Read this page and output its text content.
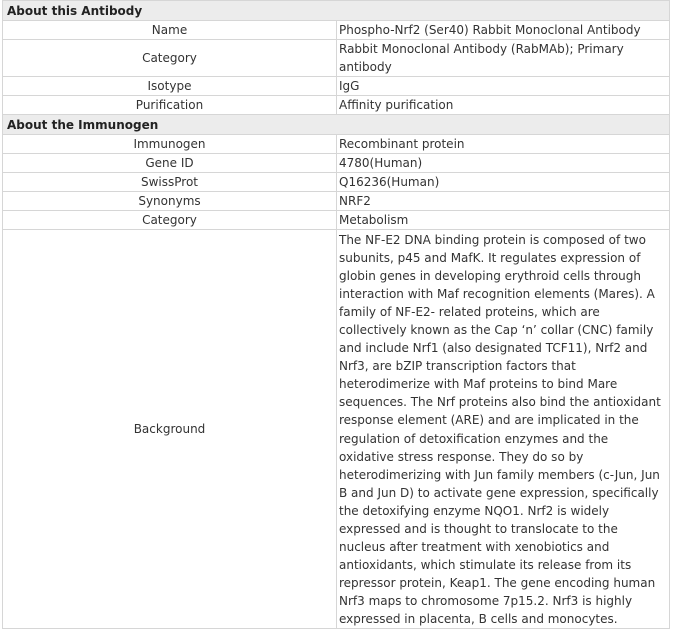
About this Antibody	
Name	Phospho-Nrf2 (Ser40) Rabbit Monoclonal Antibody
Category	Rabbit Monoclonal Antibody (RabMAb); Primary antibody
Isotype	IgG
Purification	Affinity purification
About the Immunogen	
Immunogen	Recombinant protein
Gene ID	4780(Human)
SwissProt	Q16236(Human)
Synonyms	NRF2
Category	Metabolism
Background	The NF-E2 DNA binding protein is composed of two subunits, p45 and MafK. It regulates expression of globin genes in developing erythroid cells through interaction with Maf recognition elements (Mares). A family of NF-E2- related proteins, which are collectively known as the Cap ‘n’ collar (CNC) family and include Nrf1 (also designated TCF11), Nrf2 and Nrf3, are bZIP transcription factors that heterodimerize with Maf proteins to bind Mare sequences. The Nrf proteins also bind the antioxidant response element (ARE) and are implicated in the regulation of detoxification enzymes and the oxidative stress response. They do so by heterodimerizing with Jun family members (c-Jun, Jun B and Jun D) to activate gene expression, specifically the detoxifying enzyme NQO1. Nrf2 is widely expressed and is thought to translocate to the nucleus after treatment with xenobiotics and antioxidants, which stimulate its release from its repressor protein, Keap1. The gene encoding human Nrf3 maps to chromosome 7p15.2. Nrf3 is highly expressed in placenta, B cells and monocytes.
